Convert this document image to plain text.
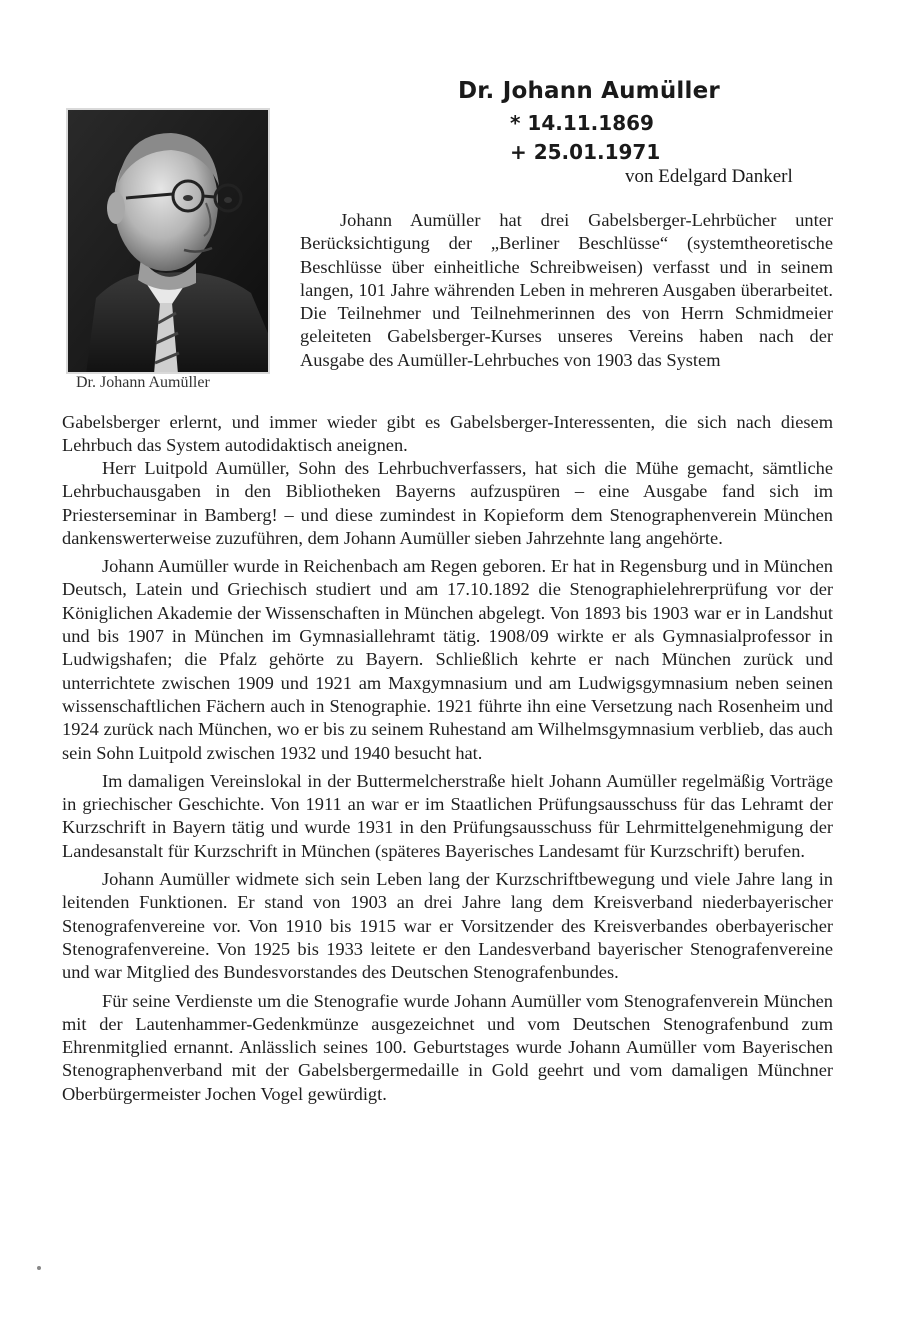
Dr. Johann Aumüller
* 14.11.1869
+ 25.01.1971
von Edelgard Dankerl
Dr. Johann Aumüller
Johann Aumüller hat drei Gabelsberger-Lehrbücher unter Berücksichtigung der „Berliner Beschlüsse“ (systemtheoretische Beschlüsse über einheitliche Schreibweisen) verfasst und in seinem langen, 101 Jahre währenden Leben in mehreren Ausgaben überarbeitet. Die Teilnehmer und Teilnehmerinnen des von Herrn Schmidmeier geleiteten Gabelsberger-Kurses unseres Vereins haben nach der Ausgabe des Aumüller-Lehrbuches von 1903 das System
Gabelsberger erlernt, und immer wieder gibt es Gabelsberger-Interessenten, die sich nach diesem Lehrbuch das System autodidaktisch aneignen.

Herr Luitpold Aumüller, Sohn des Lehrbuchverfassers, hat sich die Mühe gemacht, sämtliche Lehrbuchausgaben in den Bibliotheken Bayerns aufzuspüren – eine Ausgabe fand sich im Priesterseminar in Bamberg! – und diese zumindest in Kopieform dem Stenographenverein München dankenswerterweise zuzuführen, dem Johann Aumüller sieben Jahrzehnte lang angehörte.

Johann Aumüller wurde in Reichenbach am Regen geboren. Er hat in Regensburg und in München Deutsch, Latein und Griechisch studiert und am 17.10.1892 die Stenographielehrerprüfung vor der Königlichen Akademie der Wissenschaften in München abgelegt. Von 1893 bis 1903 war er in Landshut und bis 1907 in München im Gymnasiallehramt tätig. 1908/09 wirkte er als Gymnasialprofessor in Ludwigshafen; die Pfalz gehörte zu Bayern. Schließlich kehrte er nach München zurück und unterrichtete zwischen 1909 und 1921 am Maxgymnasium und am Ludwigsgymnasium neben seinen wissenschaftlichen Fächern auch in Stenographie. 1921 führte ihn eine Versetzung nach Rosenheim und 1924 zurück nach München, wo er bis zu seinem Ruhestand am Wilhelmsgymnasium verblieb, das auch sein Sohn Luitpold zwischen 1932 und 1940 besucht hat.

Im damaligen Vereinslokal in der Buttermelcherstraße hielt Johann Aumüller regelmäßig Vorträge in griechischer Geschichte. Von 1911 an war er im Staatlichen Prüfungsausschuss für das Lehramt der Kurzschrift in Bayern tätig und wurde 1931 in den Prüfungsausschuss für Lehrmittelgenehmigung der Landesanstalt für Kurzschrift in München (späteres Bayerisches Landesamt für Kurzschrift) berufen.

Johann Aumüller widmete sich sein Leben lang der Kurzschriftbewegung und viele Jahre lang in leitenden Funktionen. Er stand von 1903 an drei Jahre lang dem Kreisverband niederbayerischer Stenografenvereine vor. Von 1910 bis 1915 war er Vorsitzender des Kreisverbandes oberbayerischer Stenografenvereine. Von 1925 bis 1933 leitete er den Landesverband bayerischer Stenografenvereine und war Mitglied des Bundesvorstandes des Deutschen Stenografenbundes.

Für seine Verdienste um die Stenografie wurde Johann Aumüller vom Stenografenverein München mit der Lautenhammer-Gedenkmünze ausgezeichnet und vom Deutschen Stenografenbund zum Ehrenmitglied ernannt. Anlässlich seines 100. Geburtstages wurde Johann Aumüller vom Bayerischen Stenographenverband mit der Gabelsbergermedaille in Gold geehrt und vom damaligen Münchner Oberbürgermeister Jochen Vogel gewürdigt.
